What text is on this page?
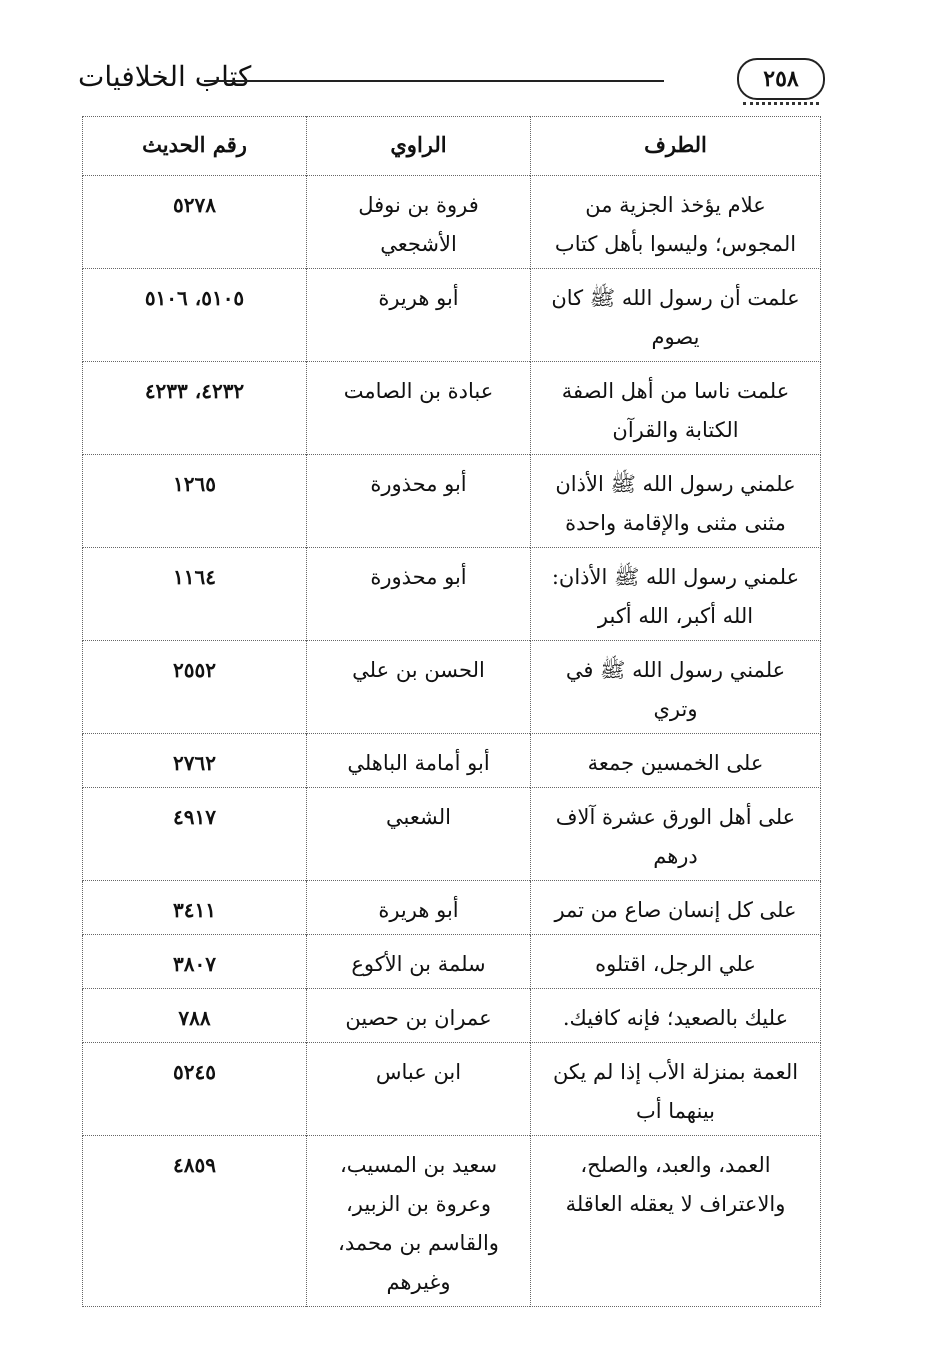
كتاب الخلافيات	٢٥٨
الطرف	الراوي	رقم الحديث
علام يؤخذ الجزية من المجوس؛ وليسوا بأهل كتاب	فروة بن نوفل الأشجعي	٥٢٧٨
علمت أن رسول الله ﷺ كان يصوم	أبو هريرة	٥١٠٥، ٥١٠٦
علمت ناسا من أهل الصفة الكتابة والقرآن	عبادة بن الصامت	٤٢٣٢، ٤٢٣٣
علمني رسول الله ﷺ الأذان مثنى مثنى والإقامة واحدة	أبو محذورة	١٢٦٥
علمني رسول الله ﷺ الأذان: الله أكبر، الله أكبر	أبو محذورة	١١٦٤
علمني رسول الله ﷺ في وتري	الحسن بن علي	٢٥٥٢
على الخمسين جمعة	أبو أمامة الباهلي	٢٧٦٢
على أهل الورق عشرة آلاف درهم	الشعبي	٤٩١٧
على كل إنسان صاع من تمر	أبو هريرة	٣٤١١
علي الرجل، اقتلوه	سلمة بن الأكوع	٣٨٠٧
عليك بالصعيد؛ فإنه كافيك.	عمران بن حصين	٧٨٨
العمة بمنزلة الأب إذا لم يكن بينهما أب	ابن عباس	٥٢٤٥
العمد، والعبد، والصلح، والاعتراف لا يعقله العاقلة	سعيد بن المسيب، وعروة بن الزبير، والقاسم بن محمد، وغيرهم	٤٨٥٩
